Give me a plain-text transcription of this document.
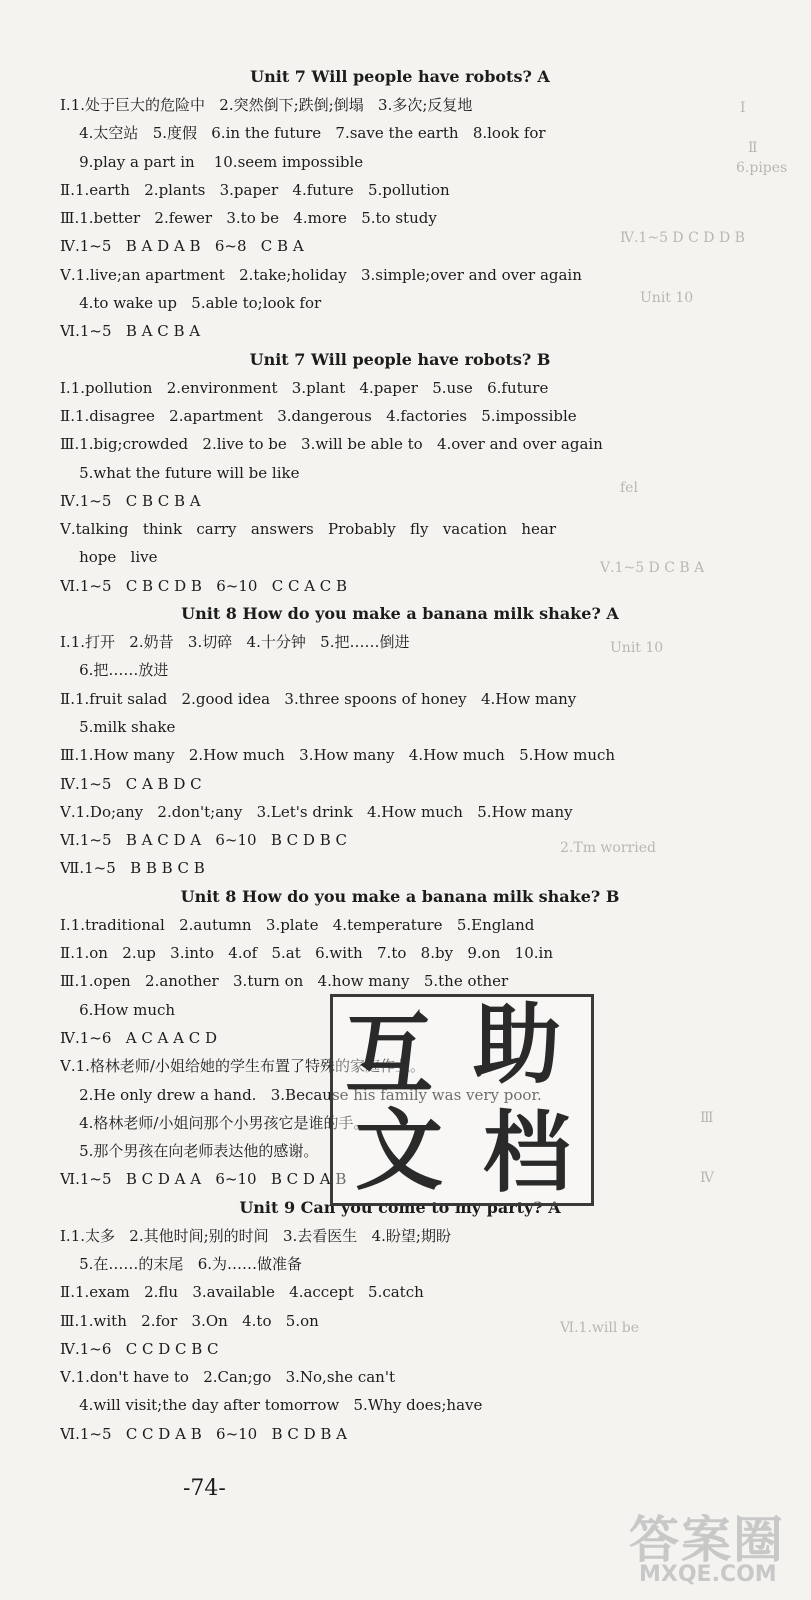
Ⅰ
Ⅱ
6.pipes
Ⅳ.1~5 D C D D B
Unit 10
fel
Ⅴ.1~5 D C B A
Unit 10
2.Tm worried
Ⅲ
Ⅳ
Ⅵ.1.will be
Unit 7 Will people have robots? A
Ⅰ.1.处于巨大的危险中   2.突然倒下;跌倒;倒塌   3.多次;反复地
4.太空站   5.度假   6.in the future   7.save the earth   8.look for
9.play a part in    10.seem impossible
Ⅱ.1.earth   2.plants   3.paper   4.future   5.pollution
Ⅲ.1.better   2.fewer   3.to be   4.more   5.to study
Ⅳ.1~5   B A D A B   6~8   C B A
Ⅴ.1.live;an apartment   2.take;holiday   3.simple;over and over again
4.to wake up   5.able to;look for
Ⅵ.1~5   B A C B A
Unit 7 Will people have robots? B
Ⅰ.1.pollution   2.environment   3.plant   4.paper   5.use   6.future
Ⅱ.1.disagree   2.apartment   3.dangerous   4.factories   5.impossible
Ⅲ.1.big;crowded   2.live to be   3.will be able to   4.over and over again
5.what the future will be like
Ⅳ.1~5   C B C B A
Ⅴ.talking   think   carry   answers   Probably   fly   vacation   hear
hope   live
Ⅵ.1~5   C B C D B   6~10   C C A C B
Unit 8 How do you make a banana milk shake? A
Ⅰ.1.打开   2.奶昔   3.切碎   4.十分钟   5.把……倒进
6.把……放进
Ⅱ.1.fruit salad   2.good idea   3.three spoons of honey   4.How many
5.milk shake
Ⅲ.1.How many   2.How much   3.How many   4.How much   5.How much
Ⅳ.1~5   C A B D C
Ⅴ.1.Do;any   2.don't;any   3.Let's drink   4.How much   5.How many
Ⅵ.1~5   B A C D A   6~10   B C D B C
Ⅶ.1~5   B B B C B
Unit 8 How do you make a banana milk shake? B
Ⅰ.1.traditional   2.autumn   3.plate   4.temperature   5.England
Ⅱ.1.on   2.up   3.into   4.of   5.at   6.with   7.to   8.by   9.on   10.in
Ⅲ.1.open   2.another   3.turn on   4.how many   5.the other
6.How much
Ⅳ.1~6   A C A A C D
Ⅴ.1.格林老师/小姐给她的学生布置了特殊的家庭作业。
2.He only drew a hand.   3.Because his family was very poor.
4.格林老师/小姐问那个小男孩它是谁的手。
5.那个男孩在向老师表达他的感谢。
Ⅵ.1~5   B C D A A   6~10   B C D A B
Unit 9 Can you come to my party? A
Ⅰ.1.太多   2.其他时间;别的时间   3.去看医生   4.盼望;期盼
5.在……的末尾   6.为……做准备
Ⅱ.1.exam   2.flu   3.available   4.accept   5.catch
Ⅲ.1.with   2.for   3.On   4.to   5.on
Ⅳ.1~6   C C D C B C
Ⅴ.1.don't have to   2.Can;go   3.No,she can't
4.will visit;the day after tomorrow   5.Why does;have
Ⅵ.1~5   C C D A B   6~10   B C D B A
互 助
文 档
-74-
答案圈
MXQE.COM
